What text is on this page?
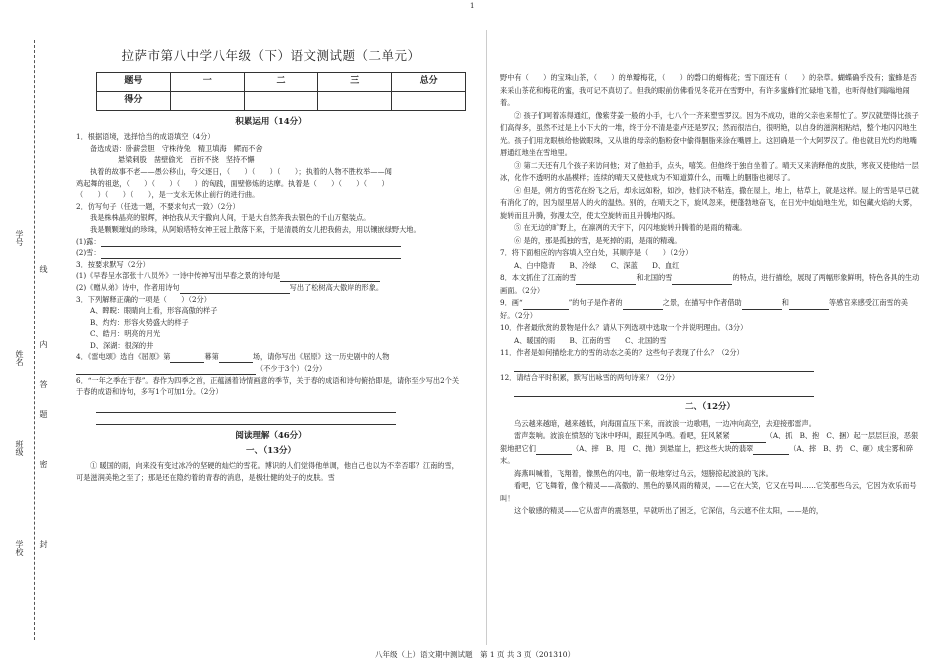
1
学号
姓名
班级
学校
线
内
答
题
密
封
拉萨市第八中学八年级（下）语文测试题（二单元）
题号	一	二	三	总分
得分				
积累运用（14分）

1．根据语境，选择恰当的成语填空（4分）

备选成语：卧薪尝胆　守株待兔　精卫填海　鳏而不舍

悬梁刺股　凿壁偷光　百折不挠　坚持不懈

执着的故事不老——愚公移山，夸父逐日，（　　）（　　）（　　）；执着的人物不胜枚举——闻

鸡起舞的祖逖，（　　）（　　）（　　）的匈践，面壁修炼的达摩。执着是（　　）（　　）（　　）

（　　）（　　）（　　），是一支永无休止前行的进行曲。

2．仿写句子（任选一题，不要求句式一致）（2分）

我是株株晶亮的银辉，神抬我从天宇撒向人间，于是大自然奔我去银色的千山万壑装点。

我是颗颗璀灿的珍珠，从阿娘塔特女神王冠上散落下来，于是清晨的女儿把我俯去，用以镶嵌绿野大地。

(1)露：

(2)雪：

3．按要求默写（2分）

(1)《早春呈水部张十八员外》一诗中传神写出早春之景的诗句是

(2)《赠从弟》诗中，作者用诗句	写出了松树高大傲岸的形象。

3．下列解释正确的一项是（　　）（2分）

A、睥睨：眼睛向上看，形容高傲的样子

B、灼灼：形容火势盛大的样子

C、皓月：明亮的月光

D、深湖：很深的井

4．《雷电颂》选自《屈原》第	幕第	场，请你写出《屈原》这一历史剧中的人物

（不少于3个）（2分）

6．“一年之季在于春”。春作为四季之首，正蕴涵着诗情画意的季节，关于春的成语和诗句俯拾即是，请你至少写出2个关于春的成语和诗句，多写1个可加1分。（2分）

阅读理解（46分）
一、（13分）

① 暖国的雨，向来没有变过冰冷的坚硬的灿烂的雪花。博识的人们觉得他单调，他自己也以为不幸否耶？江南的雪，可是滋润美艳之至了；那是还在隐约着的青春的消息，是极壮健的处子的皮肤。雪

野中有（　　）的宝珠山茶，（　　）的单瓣梅花，（　　）的磬口的蜡梅花；雪下面还有（　　）的杂草。蝴蝶确乎没有；蜜蜂是否来采山茶花和梅花的蜜，我可记不真切了。但我的眼前仿佛看见冬花开在雪野中，有许多蜜蜂们忙碌地飞着，也听得他们嗡嗡地闹着。

② 孩子们呵着冻得通红，像紫芽姜一般的小手，七八个一齐来塑雪罗汉。因为不成功，谁的父亲也来帮忙了。罗汉就塑得比孩子们高得多，虽然不过是上小下大的一堆，终于分不清是壶卢还是罗汉；然而很洁白，很明艳，以自身的滋润相粘结，整个地闪闪地生光。孩子们用龙眼核给他做眼珠，又从谁的母亲的脂粉奁中偷得胭脂来涂在嘴唇上。这回确是一个大阿罗汉了。他也就目光灼灼地嘴唇通红地坐在雪地里。

③ 第二天还有几个孩子来访问他；对了他拍手，点头，嘻笑。但他终于独自坐着了。晴天又来消释他的皮肤，寒夜又使他结一层冰，化作不透明的水晶模样；连续的晴天又使他成为不知道算什么，而嘴上的胭脂也褪尽了。

④ 但是，朔方的雪花在纷飞之后，却永远如粉，如沙，他们决不粘连，撒在屋上，地上，枯草上，就是这样。屋上的雪是早已就有消化了的，因为屋里居人的火的温热。别的，在晴天之下，旋风忽来，便蓬勃地奋飞，在日光中灿灿地生光，如包藏火焰的大雾，旋转而且升腾，弥漫太空，使太空旋转而且升腾地闪烁。

⑤ 在无边的旷野上，在凛冽的天宇下，闪闪地旋转升腾着的是雨的精魂。

⑥ 是的，那是孤独的雪，是死掉的雨，是雨的精魂。

7．将下面相应的内容填入空白处，其顺序是（　　）（2分）

A、白中隐青　　B、冷绿　　C、深蓝　　D、血红

8．本文抓住了江南的雪	和北国的雪	的特点，进行描绘，展现了两幅形象鲜明，特色各具的生动画面。（2分）

9．画“	”的句子是作者的	之景，在描写中作者借助	和	等感官来感受江南雪的美好。（2分）

10．作者最欣赏的景物是什么？请从下列选项中选取一个并说明理由。（3分）

A、暖国的雨　　B、江南的雪　　C、北国的雪

11．作者是如何描绘北方的雪的动态之美的？这些句子表现了什么？（2分）

12．请结合平时积累，默写出咏雪的两句诗来？（2分）

二、（12分）

乌云越来越暗，越来越低，向海面直压下来，而波浪一边歌唱，一边冲向高空，去迎接那雷声。

雷声轰响。波浪在愤怒的飞沫中呼叫，跟狂风争鸣。看吧，狂风紧紧	（A、抓　B、抱　C、捆）起一层层巨浪，恶狠狠地把它们	（A、摔　B、甩　C、抛）到悬崖上，把这些大块的翡翠	（A、摔　B、扔　C、砸）成尘雾和碎末。

海燕叫喊着，飞翔着，像黑色的闪电，箭一般地穿过乌云，翅膀掠起波浪的飞沫。

看吧，它飞舞着，像个精灵——高傲的、黑色的暴风雨的精灵，——它在大笑，它又在号叫……它笑那些乌云，它因为欢乐而号叫！

这个敏感的精灵——它从雷声的震怒里，早就听出了困乏，它深信，乌云遮不住太阳，——是的，

八年级（上）语文期中测试题　第 1 页 共 3 页（201310）
